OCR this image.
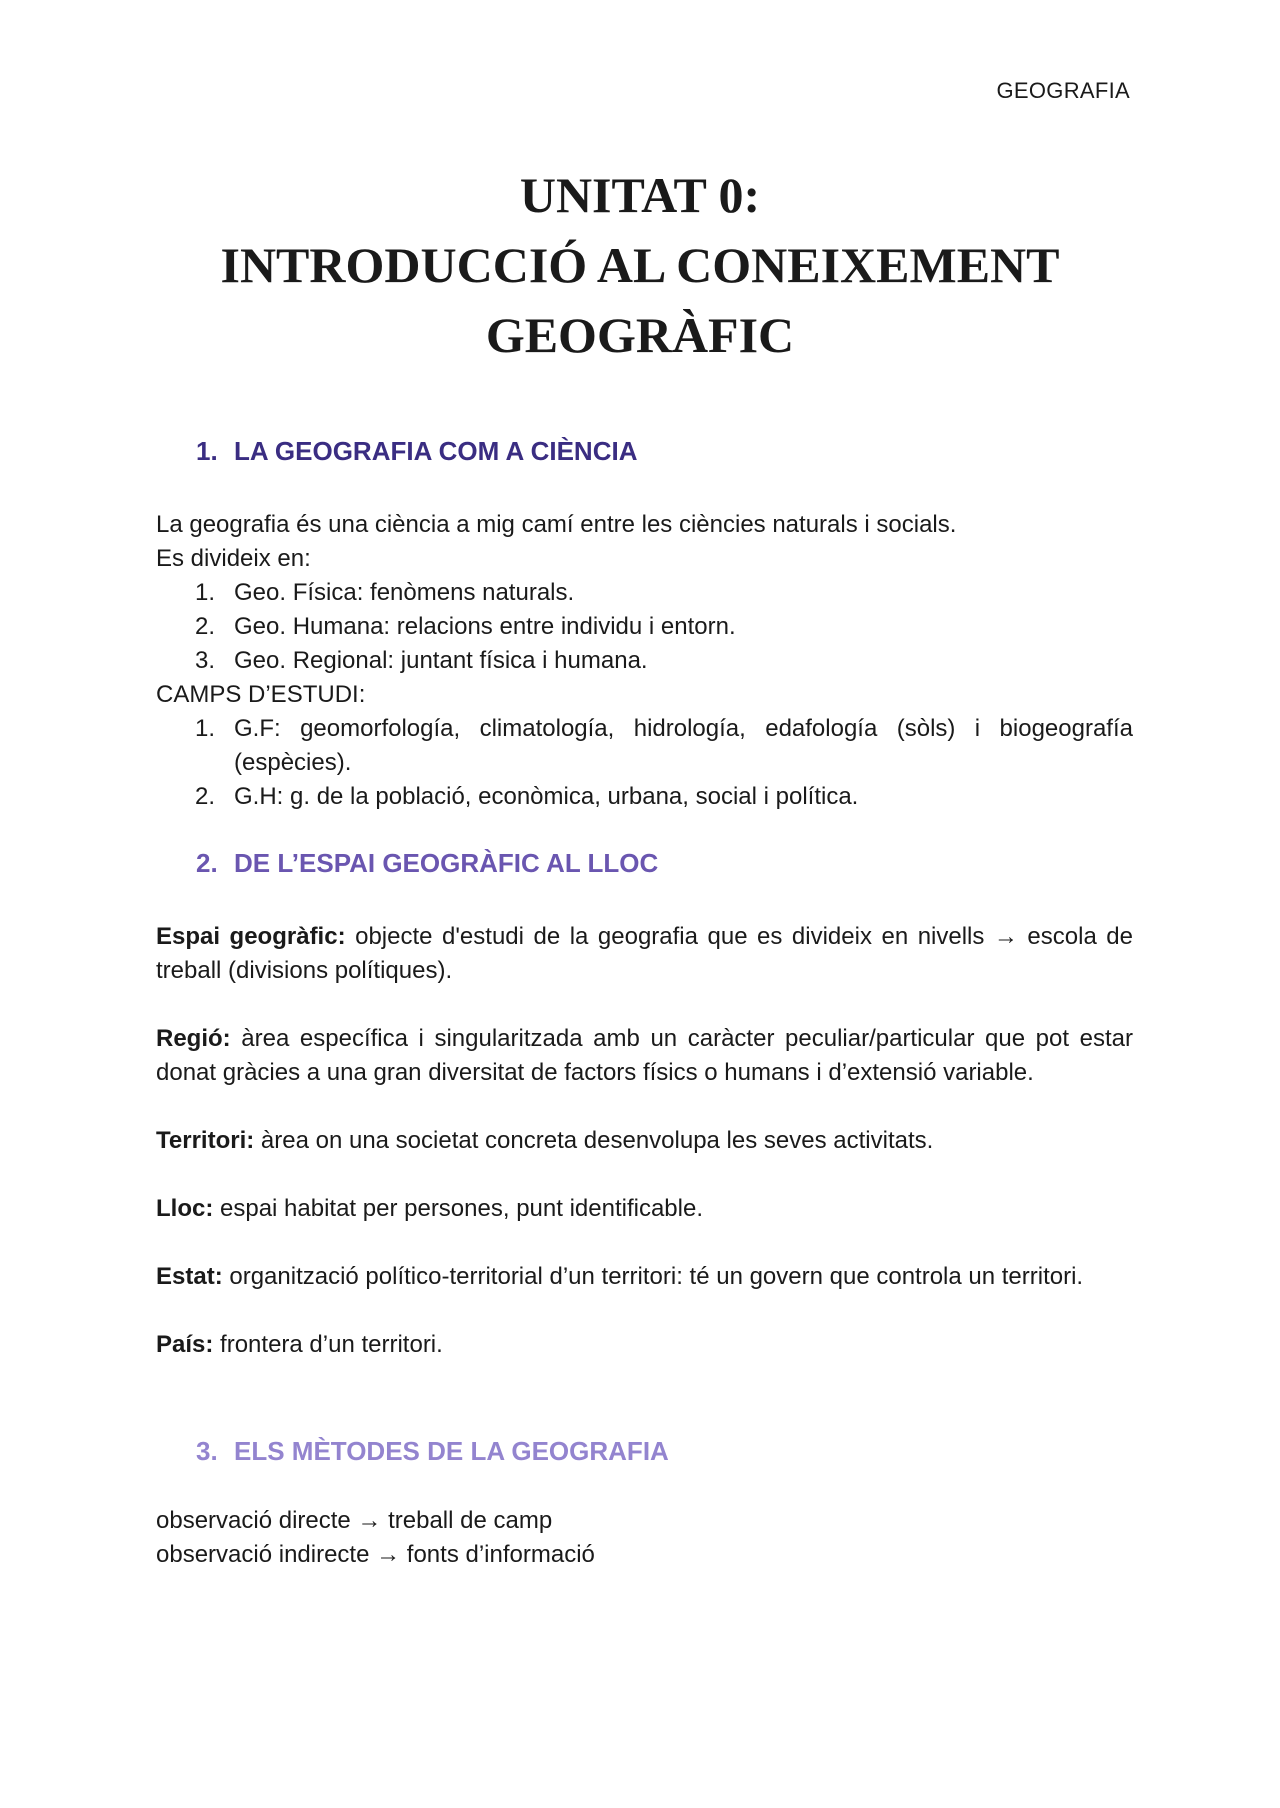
GEOGRAFIA
UNITAT 0:
INTRODUCCIÓ AL CONEIXEMENT
GEOGRÀFIC
1. LA GEOGRAFIA COM A CIÈNCIA

La geografia és una ciència a mig camí entre les ciències naturals i socials.

Es divideix en:

1. Geo. Física: fenòmens naturals.
2. Geo. Humana: relacions entre individu i entorn.
3. Geo. Regional: juntant física i humana.

CAMPS D’ESTUDI:

1. G.F: geomorfología, climatología, hidrología, edafología (sòls) i biogeografía (espècies).
2. G.H: g. de la població, econòmica, urbana, social i política.
2. DE L’ESPAI GEOGRÀFIC AL LLOC

Espai geogràfic: objecte d'estudi de la geografia que es divideix en nivells → escola de treball (divisions polítiques).

Regió: àrea específica i singularitzada amb un caràcter peculiar/particular que pot estar donat gràcies a una gran diversitat de factors físics o humans i d’extensió variable.

Territori: àrea on una societat concreta desenvolupa les seves activitats.

Lloc: espai habitat per persones, punt identificable.

Estat: organització político-territorial d’un territori: té un govern que controla un territori.

País: frontera d’un territori.

3. ELS MÈTODES DE LA GEOGRAFIA

observació directe → treball de camp

observació indirecte → fonts d’informació
